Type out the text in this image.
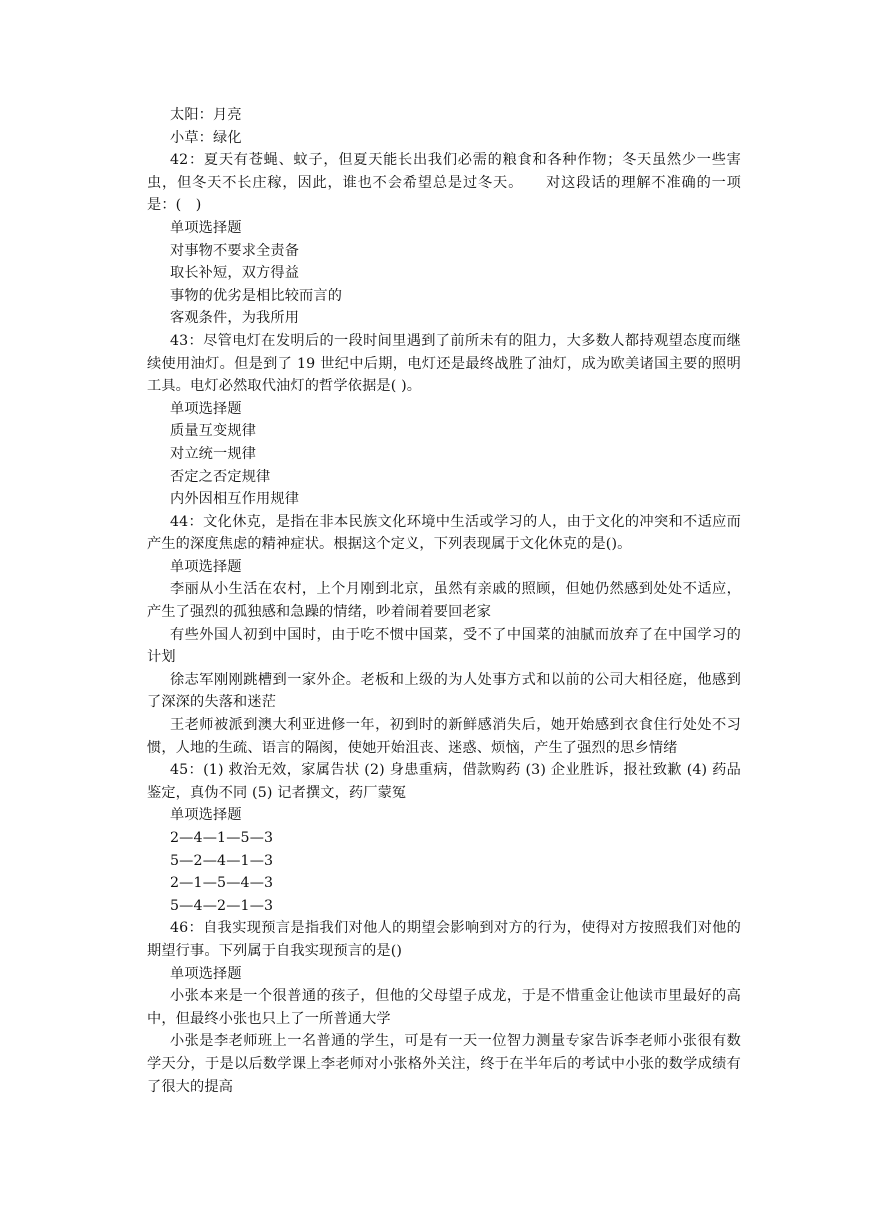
太阳：月亮

小草：绿化

42：夏天有苍蝇、蚊子，但夏天能长出我们必需的粮食和各种作物；冬天虽然少一些害虫，但冬天不长庄稼，因此，谁也不会希望总是过冬天。　　对这段话的理解不准确的一项是：(　)

单项选择题

对事物不要求全责备

取长补短，双方得益

事物的优劣是相比较而言的

客观条件，为我所用

43：尽管电灯在发明后的一段时间里遇到了前所未有的阻力，大多数人都持观望态度而继续使用油灯。但是到了 19 世纪中后期，电灯还是最终战胜了油灯，成为欧美诸国主要的照明工具。电灯必然取代油灯的哲学依据是( )。

单项选择题

质量互变规律

对立统一规律

否定之否定规律

内外因相互作用规律

44：文化休克，是指在非本民族文化环境中生活或学习的人，由于文化的冲突和不适应而产生的深度焦虑的精神症状。根据这个定义，下列表现属于文化休克的是()。

单项选择题

李丽从小生活在农村，上个月刚到北京，虽然有亲戚的照顾，但她仍然感到处处不适应，产生了强烈的孤独感和急躁的情绪，吵着闹着要回老家

有些外国人初到中国时，由于吃不惯中国菜，受不了中国菜的油腻而放弃了在中国学习的计划

徐志军刚刚跳槽到一家外企。老板和上级的为人处事方式和以前的公司大相径庭，他感到了深深的失落和迷茫

王老师被派到澳大利亚进修一年，初到时的新鲜感消失后，她开始感到衣食住行处处不习惯，人地的生疏、语言的隔阂，使她开始沮丧、迷惑、烦恼，产生了强烈的思乡情绪

45：(1) 救治无效，家属告状 (2) 身患重病，借款购药 (3) 企业胜诉，报社致歉 (4) 药品鉴定，真伪不同 (5) 记者撰文，药厂蒙冤

单项选择题

2—4—1—5—3

5—2—4—1—3

2—1—5—4—3

5—4—2—1—3

46：自我实现预言是指我们对他人的期望会影响到对方的行为，使得对方按照我们对他的期望行事。下列属于自我实现预言的是()

单项选择题

小张本来是一个很普通的孩子，但他的父母望子成龙，于是不惜重金让他读市里最好的高中，但最终小张也只上了一所普通大学

小张是李老师班上一名普通的学生，可是有一天一位智力测量专家告诉李老师小张很有数学天分，于是以后数学课上李老师对小张格外关注，终于在半年后的考试中小张的数学成绩有了很大的提高
